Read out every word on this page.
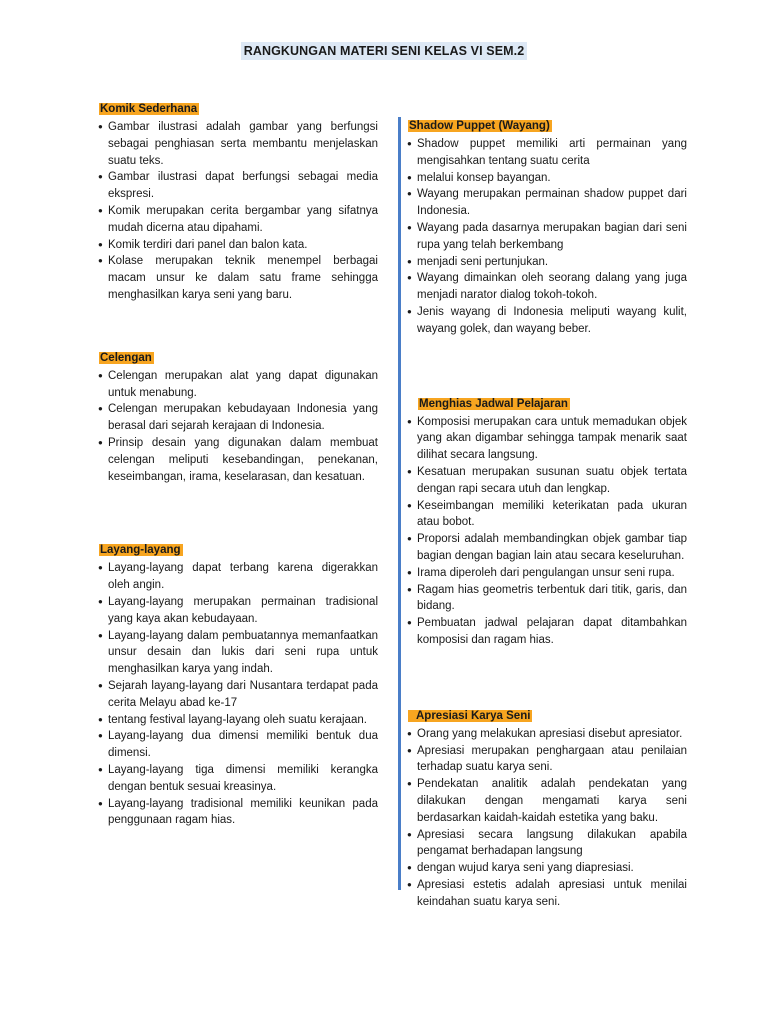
RANGKUNGAN MATERI SENI KELAS VI SEM.2
Komik Sederhana
● Gambar ilustrasi adalah gambar yang berfungsi sebagai penghiasan serta membantu menjelaskan suatu teks.
● Gambar ilustrasi dapat berfungsi sebagai media ekspresi.
● Komik merupakan cerita bergambar yang sifatnya mudah dicerna atau dipahami.
● Komik terdiri dari panel dan balon kata.
● Kolase merupakan teknik menempel berbagai macam unsur ke dalam satu frame sehingga menghasilkan karya seni yang baru.
Celengan
● Celengan merupakan alat yang dapat digunakan untuk menabung.
● Celengan merupakan kebudayaan Indonesia yang berasal dari sejarah kerajaan di Indonesia.
● Prinsip desain yang digunakan dalam membuat celengan meliputi kesebandingan, penekanan, keseimbangan, irama, keselarasan, dan kesatuan.
Layang-layang
● Layang-layang dapat terbang karena digerakkan oleh angin.
● Layang-layang merupakan permainan tradisional yang kaya akan kebudayaan.
● Layang-layang dalam pembuatannya memanfaatkan unsur desain dan lukis dari seni rupa untuk menghasilkan karya yang indah.
● Sejarah layang-layang dari Nusantara terdapat pada cerita Melayu abad ke-17
● tentang festival layang-layang oleh suatu kerajaan.
● Layang-layang dua dimensi memiliki bentuk dua dimensi.
● Layang-layang tiga dimensi memiliki kerangka dengan bentuk sesuai kreasinya.
● Layang-layang tradisional memiliki keunikan pada penggunaan ragam hias.
Shadow Puppet (Wayang)
● Shadow puppet memiliki arti permainan yang mengisahkan tentang suatu cerita
● melalui konsep bayangan.
● Wayang merupakan permainan shadow puppet dari Indonesia.
● Wayang pada dasarnya merupakan bagian dari seni rupa yang telah berkembang
● menjadi seni pertunjukan.
● Wayang dimainkan oleh seorang dalang yang juga menjadi narator dialog tokoh-tokoh.
● Jenis wayang di Indonesia meliputi wayang kulit, wayang golek, dan wayang beber.
Menghias Jadwal Pelajaran
● Komposisi merupakan cara untuk memadukan objek yang akan digambar sehingga tampak menarik saat dilihat secara langsung.
● Kesatuan merupakan susunan suatu objek tertata dengan rapi secara utuh dan lengkap.
● Keseimbangan memiliki keterikatan pada ukuran atau bobot.
● Proporsi adalah membandingkan objek gambar tiap bagian dengan bagian lain atau secara keseluruhan.
● Irama diperoleh dari pengulangan unsur seni rupa.
● Ragam hias geometris terbentuk dari titik, garis, dan bidang.
● Pembuatan jadwal pelajaran dapat ditambahkan komposisi dan ragam hias.
Apresiasi Karya Seni
● Orang yang melakukan apresiasi disebut apresiator.
● Apresiasi merupakan penghargaan atau penilaian terhadap suatu karya seni.
● Pendekatan analitik adalah pendekatan yang dilakukan dengan mengamati karya seni berdasarkan kaidah-kaidah estetika yang baku.
● Apresiasi secara langsung dilakukan apabila pengamat berhadapan langsung
● dengan wujud karya seni yang diapresiasi.
● Apresiasi estetis adalah apresiasi untuk menilai keindahan suatu karya seni.
